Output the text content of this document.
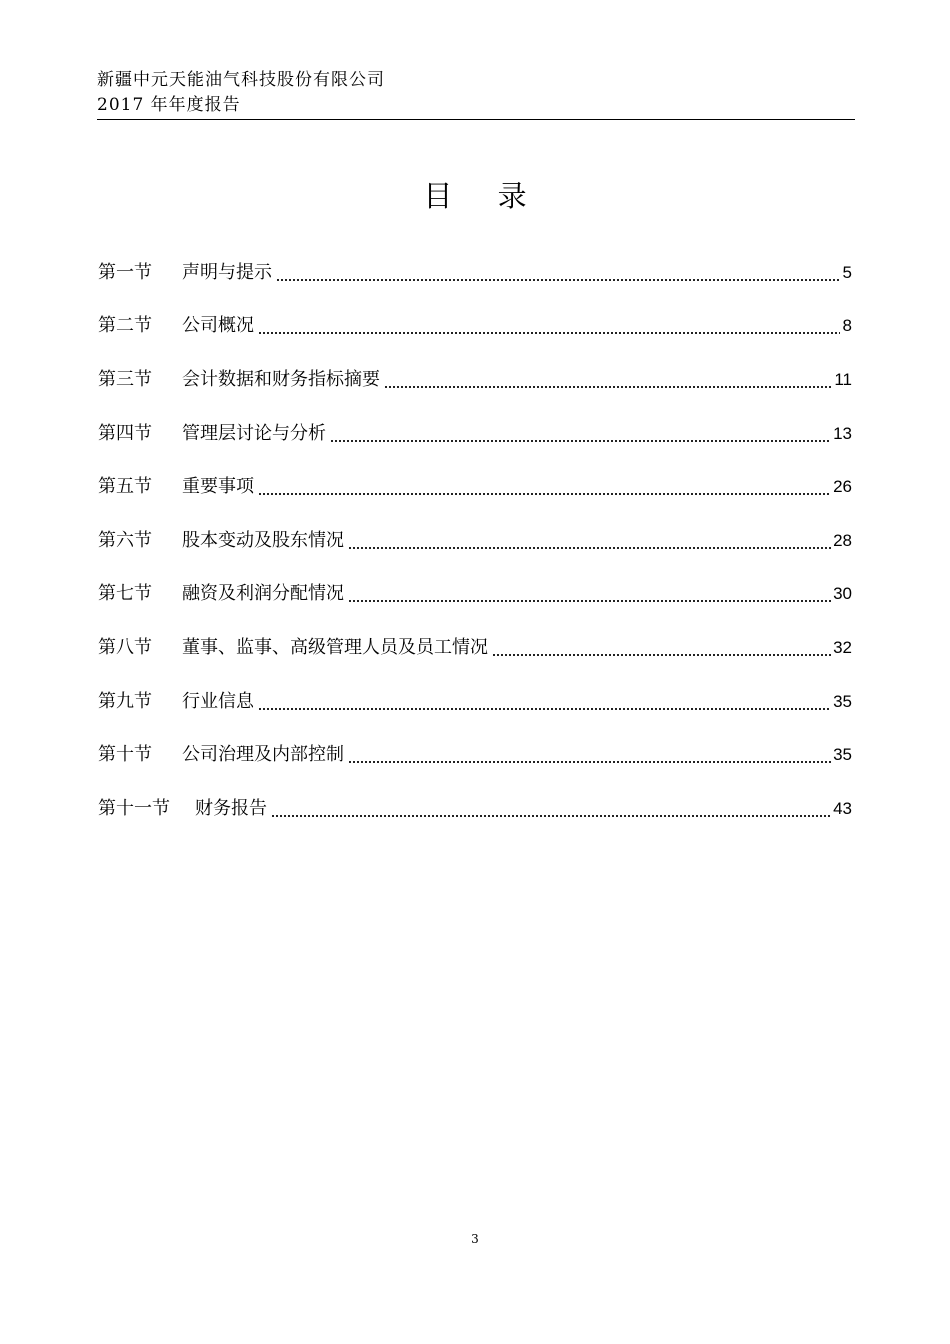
新疆中元天能油气科技股份有限公司
2017 年年度报告
目 录
第一节	声明与提示	5
第二节	公司概况	8
第三节	会计数据和财务指标摘要	11
第四节	管理层讨论与分析	13
第五节	重要事项	26
第六节	股本变动及股东情况	28
第七节	融资及利润分配情况	30
第八节	董事、监事、高级管理人员及员工情况	32
第九节	行业信息	35
第十节	公司治理及内部控制	35
第十一节	财务报告	43
3
